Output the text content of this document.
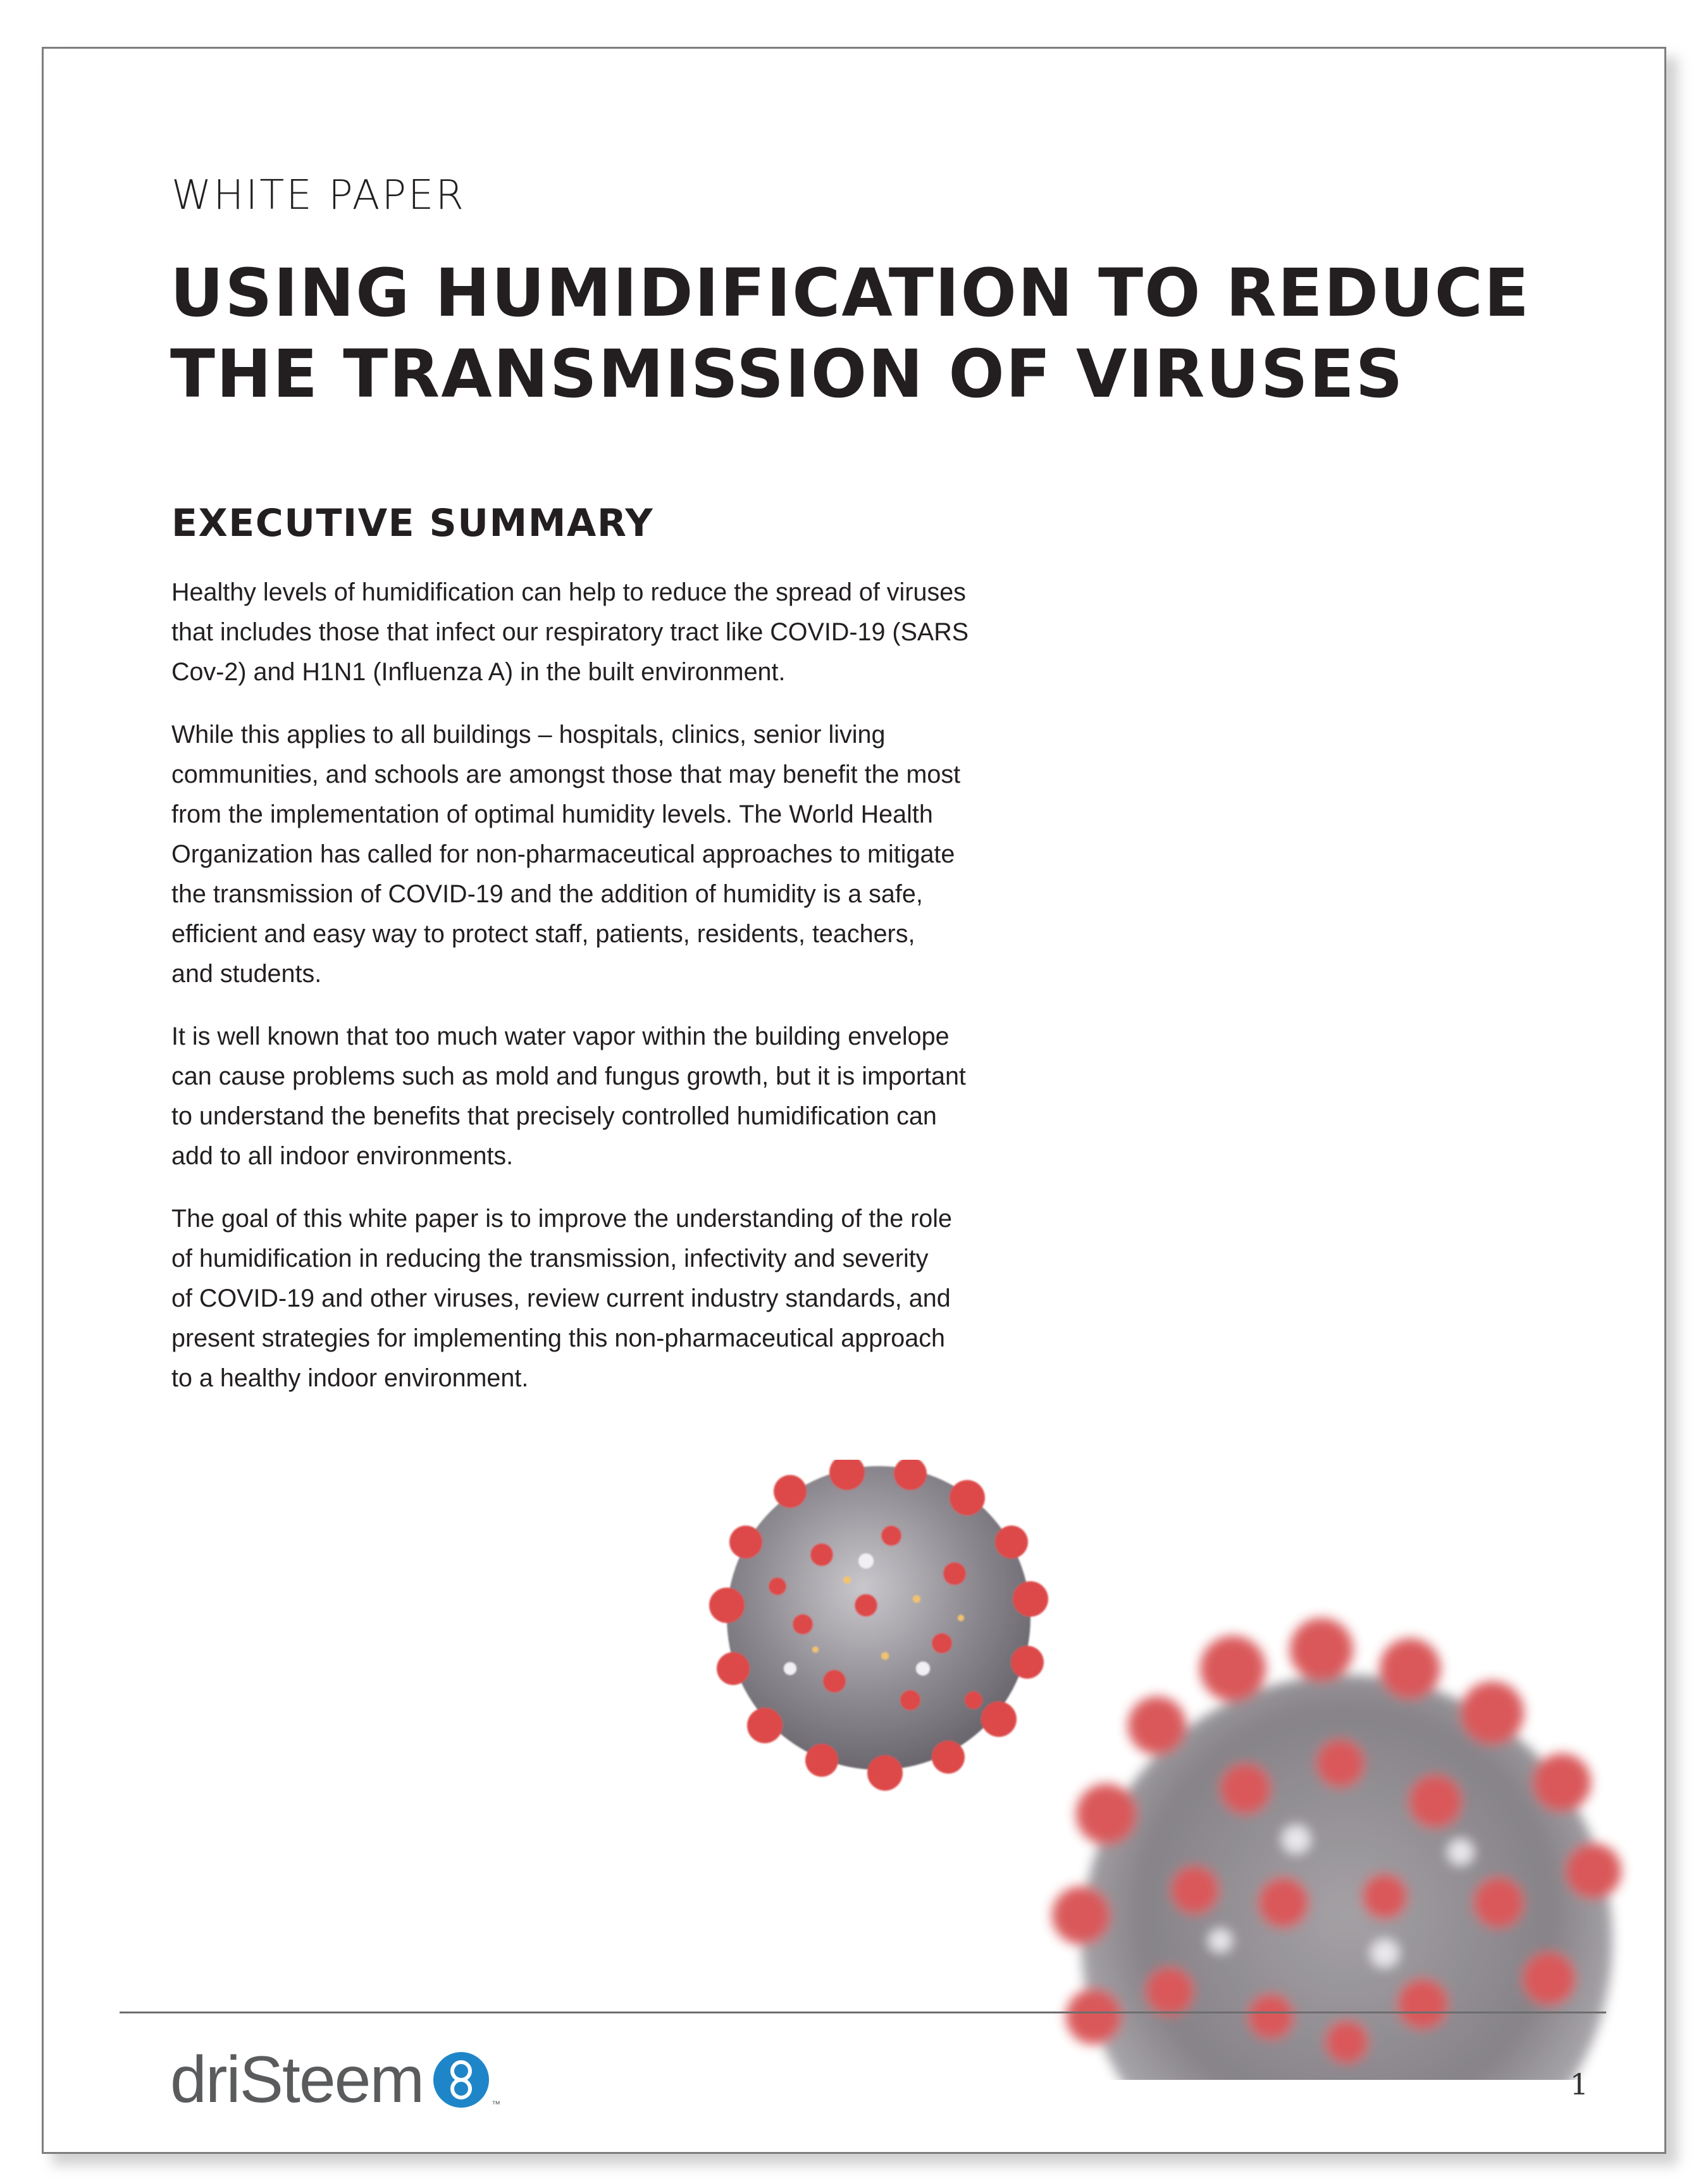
WHITE PAPER
USING HUMIDIFICATION TO REDUCE
THE TRANSMISSION OF VIRUSES
EXECUTIVE SUMMARY

Healthy levels of humidification can help to reduce the spread of viruses
that includes those that infect our respiratory tract like COVID-19 (SARS
Cov-2) and H1N1 (Influenza A) in the built environment.

While this applies to all buildings – hospitals, clinics, senior living
communities, and schools are amongst those that may benefit the most
from the implementation of optimal humidity levels. The World Health
Organization has called for non-pharmaceutical approaches to mitigate
the transmission of COVID-19 and the addition of humidity is a safe,
efficient and easy way to protect staff, patients, residents, teachers,
and students.

It is well known that too much water vapor within the building envelope
can cause problems such as mold and fungus growth, but it is important
to understand the benefits that precisely controlled humidification can
add to all indoor environments.

The goal of this white paper is to improve the understanding of the role
of humidification in reducing the transmission, infectivity and severity
of COVID-19 and other viruses, review current industry standards, and
present strategies for implementing this non-pharmaceutical approach
to a healthy indoor environment.

driSteem	™
1
